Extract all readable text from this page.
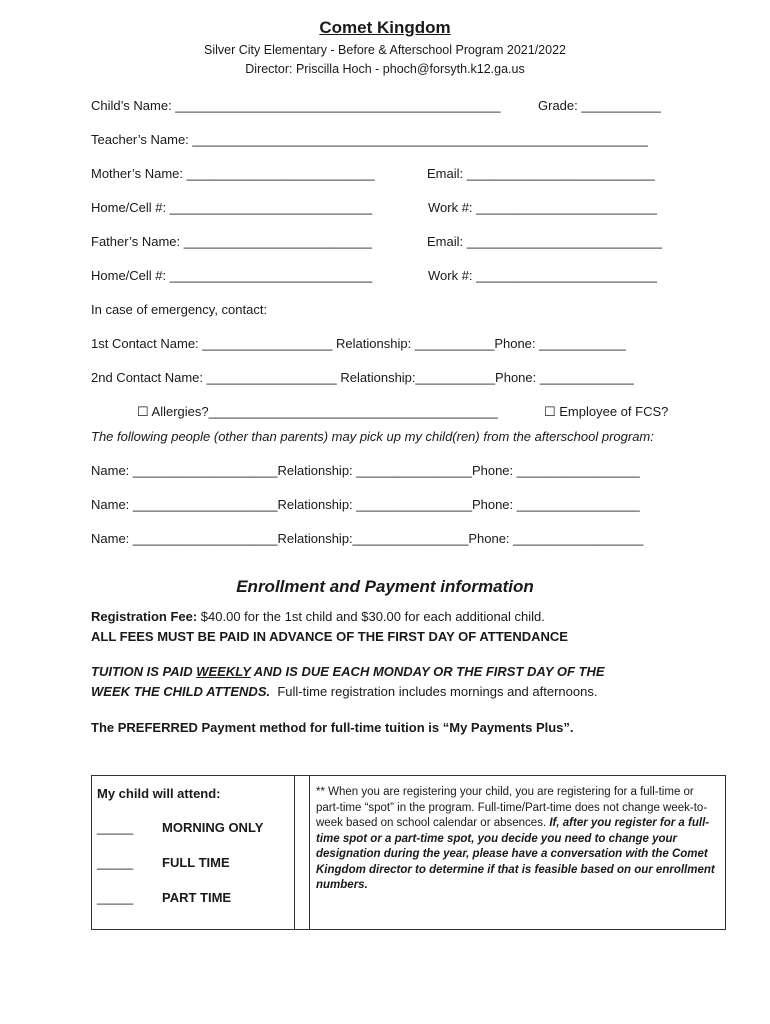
Comet Kingdom
Silver City Elementary - Before & Afterschool Program 2021/2022
Director: Priscilla Hoch - phoch@forsyth.k12.ga.us
Child’s Name: _____________________________________________	Grade: ___________
Teacher’s Name: _______________________________________________________________
Mother’s Name: __________________________	Email: __________________________
Home/Cell #: ____________________________	Work #: _________________________
Father’s Name: __________________________	Email: ___________________________
Home/Cell #: ____________________________	Work #: _________________________
In case of emergency, contact:
1st Contact Name: __________________ Relationship: ___________Phone: ____________
2nd Contact Name: __________________ Relationship:___________Phone: _____________
☐ Allergies?________________________________________	☐ Employee of FCS?
The following people (other than parents) may pick up my child(ren) from the afterschool program:
Name: ____________________Relationship: ________________Phone: _________________
Name: ____________________Relationship: ________________Phone: _________________
Name: ____________________Relationship:________________Phone: __________________
Enrollment and Payment information
Registration Fee: $40.00 for the 1st child and $30.00 for each additional child.
ALL FEES MUST BE PAID IN ADVANCE OF THE FIRST DAY OF ATTENDANCE
TUITION IS PAID WEEKLY AND IS DUE EACH MONDAY OR THE FIRST DAY OF THE
WEEK THE CHILD ATTENDS.  Full-time registration includes mornings and afternoons.
The PREFERRED Payment method for full-time tuition is “My Payments Plus”.
My child will attend:
_____ MORNING ONLY
_____ FULL TIME
_____ PART TIME
** When you are registering your child, you are registering for a full-time or part-time “spot” in the program. Full-time/Part-time does not change week-to-week based on school calendar or absences. If, after you register for a full-time spot or a part-time spot, you decide you need to change your designation during the year, please have a conversation with the Comet Kingdom director to determine if that is feasible based on our enrollment numbers.
